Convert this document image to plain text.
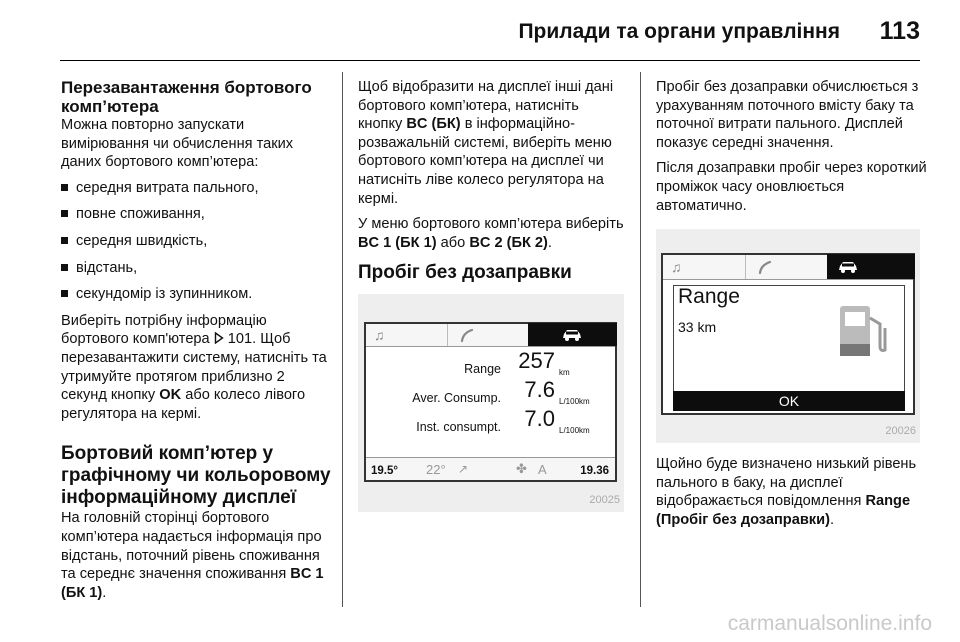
Прилади та органи управління 113
Перезавантаження бортового комп’ютера

Можна повторно запускати вимірювання чи обчислення таких даних бортового комп’ютера:

середня витрата пального,
повне споживання,
середня швидкість,
відстань,
секундомір із зупинником.

Виберіть потрібну інформацію бортового комп'ютера 101. Щоб перезавантажити систему, натисніть та утримуйте протягом приблизно 2 секунд кнопку OK або колесо лівого регулятора на кермі.

Бортовий комп’ютер у графічному чи кольоровому інформаційному дисплеї

На головній сторінці бортового комп’ютера надається інформація про відстань, поточний рівень споживання та середнє значення споживання BC 1 (БК 1).

Щоб відобразити на дисплеї інші дані бортового комп’ютера, натисніть кнопку BC (БК) в інформаційно-розважальній системі, виберіть меню бортового комп’ютера на дисплеї чи натисніть ліве колесо регулятора на кермі.

У меню бортового комп’ютера виберіть BC 1 (БК 1) або BC 2 (БК 2).

Пробіг без дозаправки
♫
Range 257 km
Aver. Consump. 7.6 L/100km
Inst. consumpt. 7.0 L/100km
19.5° 22° ↗	✤ A	19.36
20025

Пробіг без дозаправки обчислюється з урахуванням поточного вмісту баку та поточної витрати пального. Дисплей показує середні значення.

Після дозаправки пробіг через короткий проміжок часу оновлюється автоматично.

♫
Range
33 km
OK
20026

Щойно буде визначено низький рівень пального в баку, на дисплеї відображається повідомлення Range (Пробіг без дозаправки).

carmanualsonline.info
